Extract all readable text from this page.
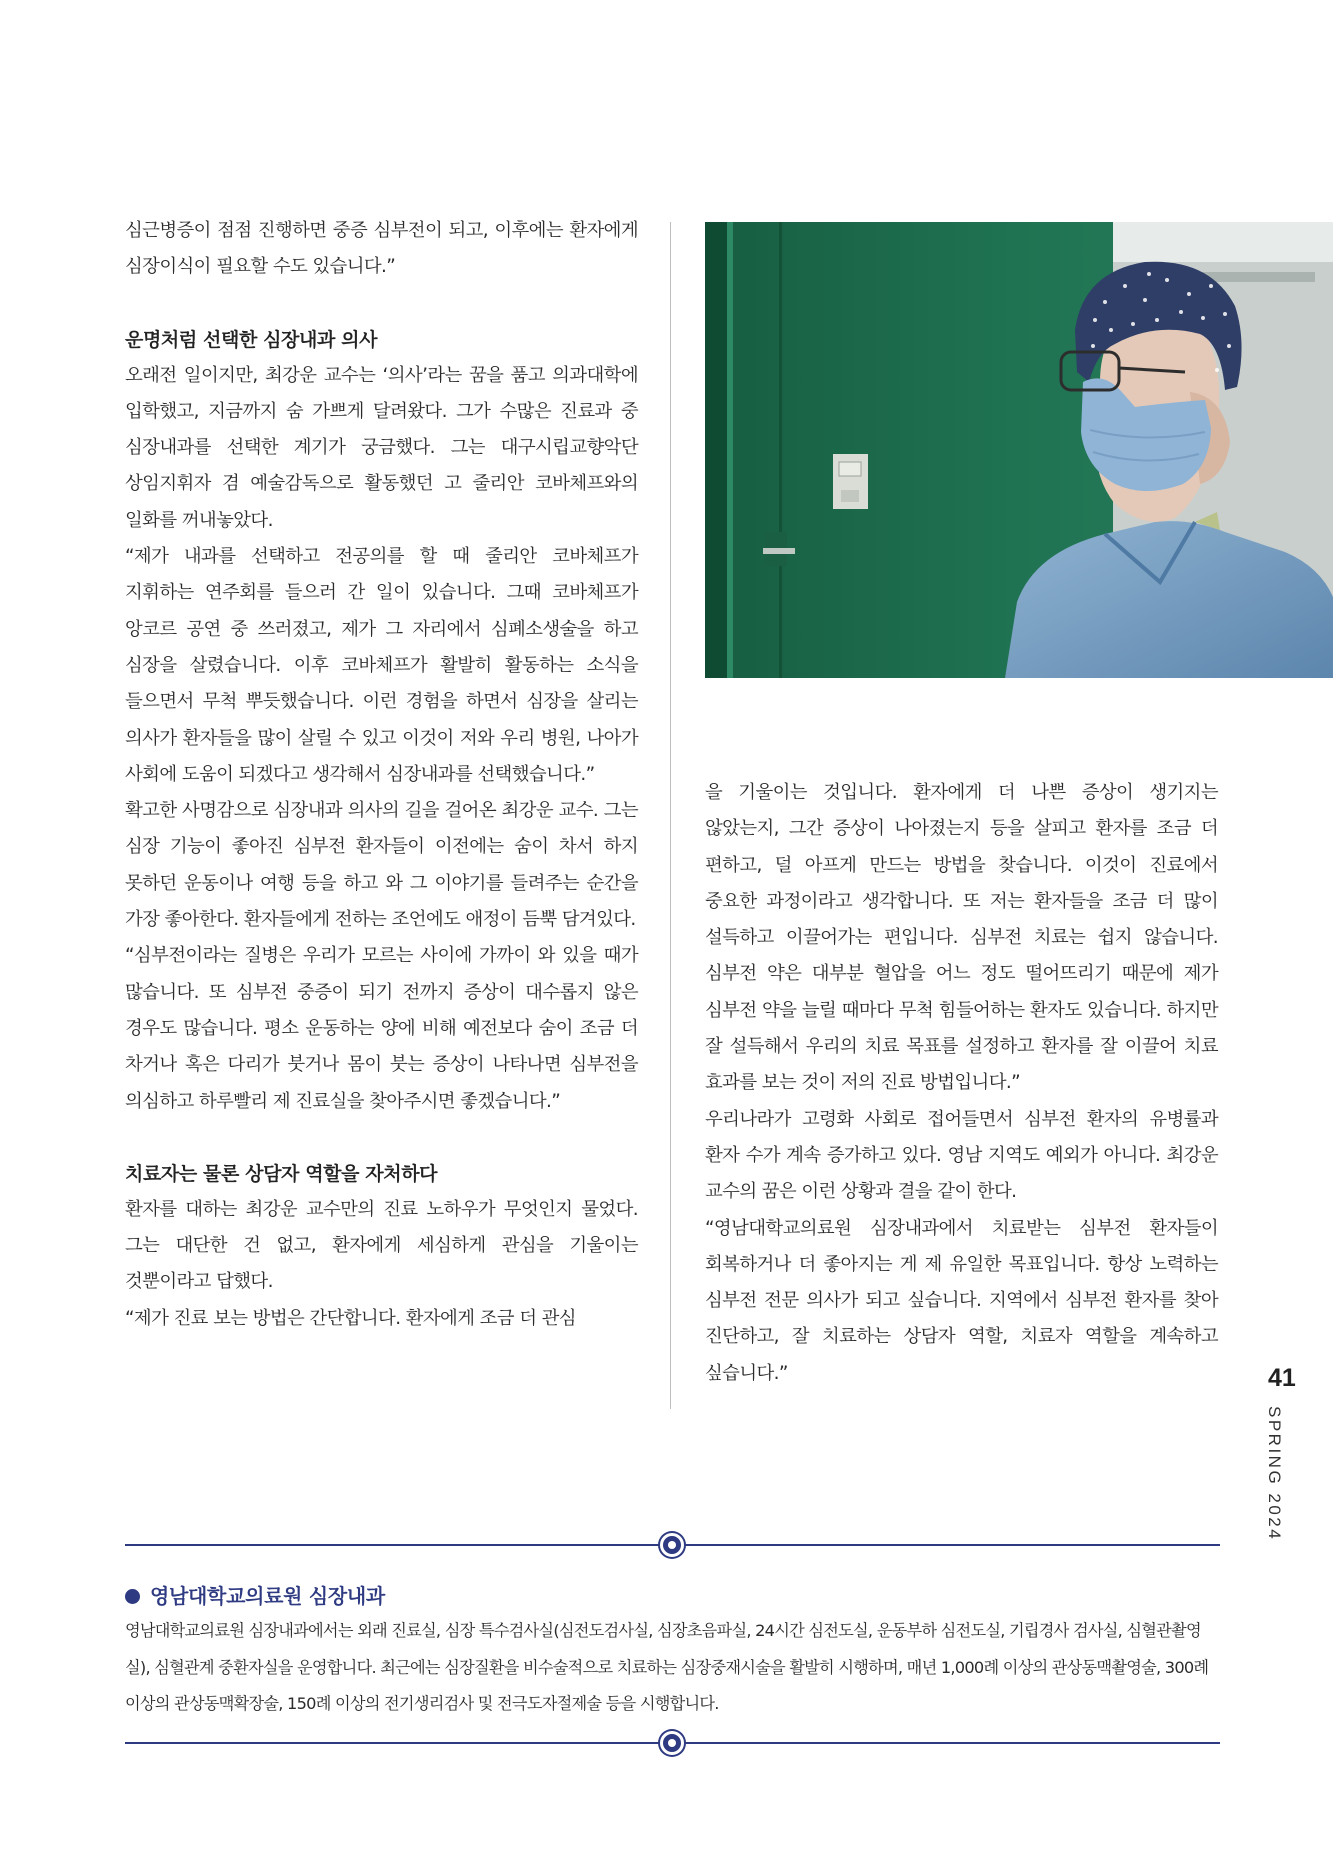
심근병증이 점점 진행하면 중증 심부전이 되고, 이후에는 환자에게 심장이식이 필요할 수도 있습니다.”

운명처럼 선택한 심장내과 의사

오래전 일이지만, 최강운 교수는 ‘의사’라는 꿈을 품고 의과대학에 입학했고, 지금까지 숨 가쁘게 달려왔다. 그가 수많은 진료과 중 심장내과를 선택한 계기가 궁금했다. 그는 대구시립교향악단 상임지휘자 겸 예술감독으로 활동했던 고 줄리안 코바체프와의 일화를 꺼내놓았다.

“제가 내과를 선택하고 전공의를 할 때 줄리안 코바체프가 지휘하는 연주회를 들으러 간 일이 있습니다. 그때 코바체프가 앙코르 공연 중 쓰러졌고, 제가 그 자리에서 심폐소생술을 하고 심장을 살렸습니다. 이후 코바체프가 활발히 활동하는 소식을 들으면서 무척 뿌듯했습니다. 이런 경험을 하면서 심장을 살리는 의사가 환자들을 많이 살릴 수 있고 이것이 저와 우리 병원, 나아가 사회에 도움이 되겠다고 생각해서 심장내과를 선택했습니다.”

확고한 사명감으로 심장내과 의사의 길을 걸어온 최강운 교수. 그는 심장 기능이 좋아진 심부전 환자들이 이전에는 숨이 차서 하지 못하던 운동이나 여행 등을 하고 와 그 이야기를 들려주는 순간을 가장 좋아한다. 환자들에게 전하는 조언에도 애정이 듬뿍 담겨있다.

“심부전이라는 질병은 우리가 모르는 사이에 가까이 와 있을 때가 많습니다. 또 심부전 중증이 되기 전까지 증상이 대수롭지 않은 경우도 많습니다. 평소 운동하는 양에 비해 예전보다 숨이 조금 더 차거나 혹은 다리가 붓거나 몸이 붓는 증상이 나타나면 심부전을 의심하고 하루빨리 제 진료실을 찾아주시면 좋겠습니다.”

치료자는 물론 상담자 역할을 자처하다

환자를 대하는 최강운 교수만의 진료 노하우가 무엇인지 물었다. 그는 대단한 건 없고, 환자에게 세심하게 관심을 기울이는 것뿐이라고 답했다.

“제가 진료 보는 방법은 간단합니다. 환자에게 조금 더 관심

을 기울이는 것입니다. 환자에게 더 나쁜 증상이 생기지는 않았는지, 그간 증상이 나아졌는지 등을 살피고 환자를 조금 더 편하고, 덜 아프게 만드는 방법을 찾습니다. 이것이 진료에서 중요한 과정이라고 생각합니다. 또 저는 환자들을 조금 더 많이 설득하고 이끌어가는 편입니다. 심부전 치료는 쉽지 않습니다. 심부전 약은 대부분 혈압을 어느 정도 떨어뜨리기 때문에 제가 심부전 약을 늘릴 때마다 무척 힘들어하는 환자도 있습니다. 하지만 잘 설득해서 우리의 치료 목표를 설정하고 환자를 잘 이끌어 치료 효과를 보는 것이 저의 진료 방법입니다.”

우리나라가 고령화 사회로 접어들면서 심부전 환자의 유병률과 환자 수가 계속 증가하고 있다. 영남 지역도 예외가 아니다. 최강운 교수의 꿈은 이런 상황과 결을 같이 한다.

“영남대학교의료원 심장내과에서 치료받는 심부전 환자들이 회복하거나 더 좋아지는 게 제 유일한 목표입니다. 항상 노력하는 심부전 전문 의사가 되고 싶습니다. 지역에서 심부전 환자를 찾아 진단하고, 잘 치료하는 상담자 역할, 치료자 역할을 계속하고 싶습니다.”	41
SPRING 2024
영남대학교의료원 심장내과
영남대학교의료원 심장내과에서는 외래 진료실, 심장 특수검사실(심전도검사실, 심장초음파실, 24시간 심전도실, 운동부하 심전도실, 기립경사 검사실, 심혈관촬영실), 심혈관계 중환자실을 운영합니다. 최근에는 심장질환을 비수술적으로 치료하는 심장중재시술을 활발히 시행하며, 매년 1,000례 이상의 관상동맥촬영술, 300례 이상의 관상동맥확장술, 150례 이상의 전기생리검사 및 전극도자절제술 등을 시행합니다.
